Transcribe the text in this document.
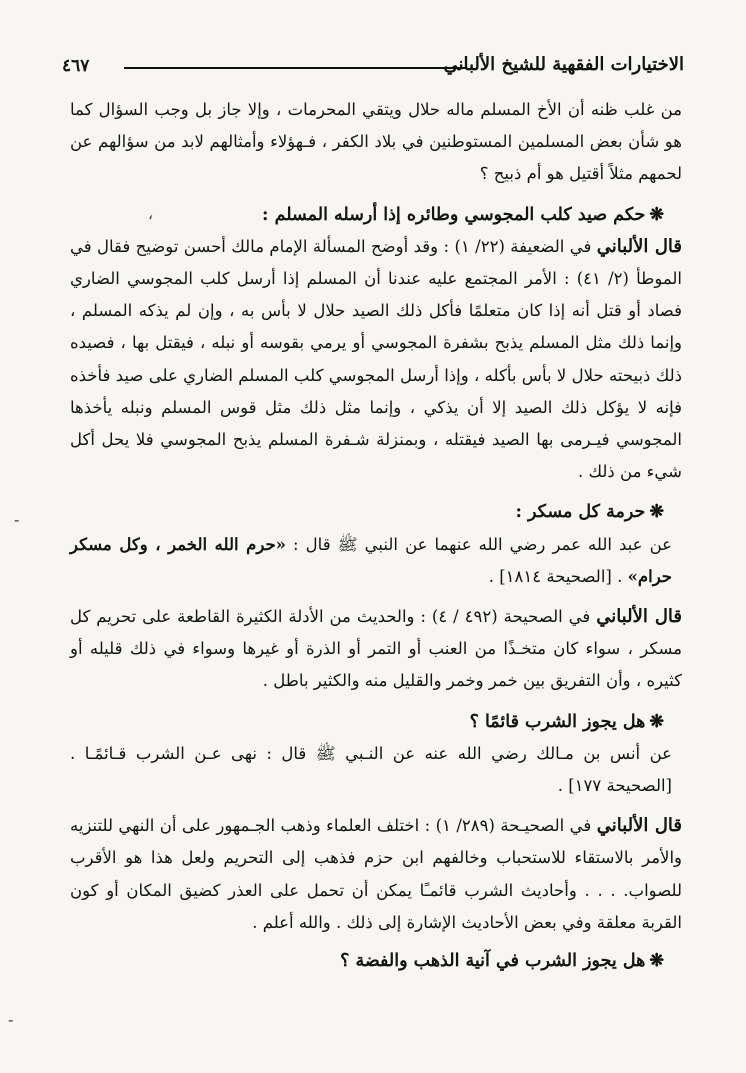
الاختيارات الفقهية للشيخ الألباني
٤٦٧

من غلب ظنه أن الأخ المسلم ماله حلال ويتقي المحرمات ، وإلا جاز بل وجب السؤال كما هو شأن بعض المسلمين المستوطنين في بلاد الكفر ، فـهؤلاء وأمثالهم لابد من سؤالهم عن لحمهم مثلاً أقتيل هو أم ذبيح ؟

❋حكم صيد كلب المجوسي وطائره إذا أرسله المسلم :

قال الألباني في الضعيفة (٢٢/ ١) : وقد أوضح المسألة الإمام مالك أحسن توضيح فقال في الموطأ (٢/ ٤١) : الأمر المجتمع عليه عندنا أن المسلم إذا أرسل كلب المجوسي الضاري فصاد أو قتل أنه إذا كان متعلمًا فأكل ذلك الصيد حلال لا بأس به ، وإن لم يذكه المسلم ، وإنما ذلك مثل المسلم يذبح بشفرة المجوسي أو يرمي بقوسه أو نبله ، فيقتل بها ، فصيده ذلك ذبيحته حلال لا بأس بأكله ، وإذا أرسل المجوسي كلب المسلم الضاري على صيد فأخذه فإنه لا يؤكل ذلك الصيد إلا أن يذكي ، وإنما مثل ذلك مثل قوس المسلم ونبله يأخذها المجوسي فيـرمى بها الصيد فيقتله ، وبمنزلة شـفرة المسلم يذبح المجوسي فلا يحل أكل شيء من ذلك .

❋حرمة كل مسكر :

عن عبد الله عمر رضي الله عنهما عن النبي ﷺ قال : «حرم الله الخمر ، وكل مسكر حرام» . [الصحيحة ١٨١٤] .

قال الألباني في الصحيحة (٤٩٢ / ٤) : والحديث من الأدلة الكثيرة القاطعة على تحريم كل مسكر ، سواء كان متخـذًا من العنب أو التمر أو الذرة أو غيرها وسواء في ذلك قليله أو كثيره ، وأن التفريق بين خمر وخمر والقليل منه والكثير باطل .

❋هل يجوز الشرب قائمًا ؟

عن أنس بن مـالك رضي الله عنه عن النـبي ﷺ قال : نهى عـن الشرب قـائمًـا . [الصحيحة ١٧٧] .

قال الألباني في الصحيـحة (٢٨٩/ ١) : اختلف العلماء وذهب الجـمهور على أن النهي للتنزيه والأمر بالاستقاء للاستحباب وخالفهم ابن حزم فذهب إلى التحريم ولعل هذا هو الأقرب للصواب. . . . وأحاديث الشرب قائمـًا يمكن أن تحمل على العذر كضيق المكان أو كون القربة معلقة وفي بعض الأحاديث الإشارة إلى ذلك . والله أعلم .

❋هل يجوز الشرب في آنية الذهب والفضة ؟

ʻ
-
-
